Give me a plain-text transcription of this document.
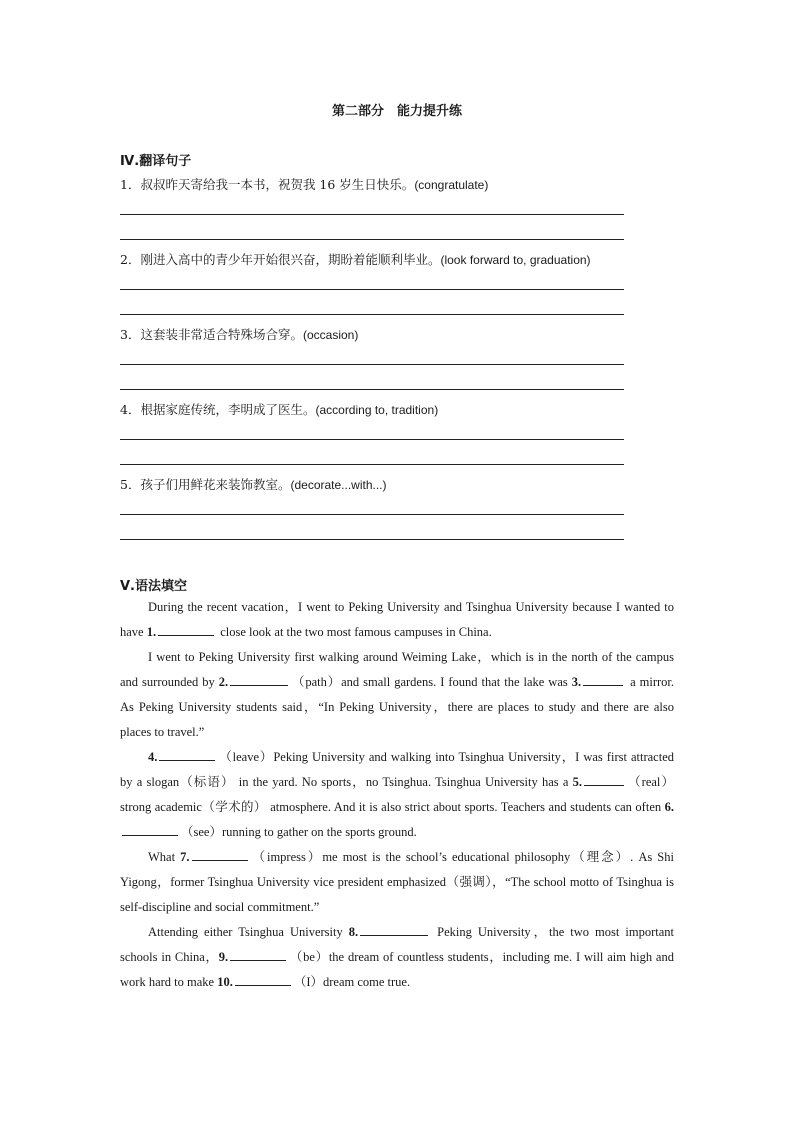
第二部分　能力提升练
Ⅳ.翻译句子
1．叔叔昨天寄给我一本书，祝贺我 16 岁生日快乐。(congratulate)
2．刚进入高中的青少年开始很兴奋，期盼着能顺利毕业。(look forward to, graduation)
3．这套装非常适合特殊场合穿。(occasion)
4．根据家庭传统，李明成了医生。(according to, tradition)
5．孩子们用鲜花来装饰教室。(decorate...with...)
Ⅴ.语法填空

During the recent vacation，I went to Peking University and Tsinghua University because I wanted to have 1.	close look at the two most famous campuses in China.

I went to Peking University first walking around Weiming Lake，which is in the north of the campus and surrounded by 2.	（path）and small gardens. I found that the lake was 3.	a mirror. As Peking University students said，“In Peking University，there are places to study and there are also places to travel.”

4.	（leave）Peking University and walking into Tsinghua University，I was first attracted by a slogan（标语） in the yard. No sports，no Tsinghua. Tsinghua University has a 5.	（real）strong academic（学术的） atmosphere. And it is also strict about sports. Teachers and students can often 6.（see）running to gather on the sports ground.

What 7.	（impress）me most is the school’s educational philosophy（理念）. As Shi Yigong，former Tsinghua University vice president emphasized（强调），“The school motto of Tsinghua is self-discipline and social commitment.”

Attending either Tsinghua University 8.	Peking University，the two most important schools in China，9.	（be）the dream of countless students，including me. I will aim high and work hard to make 10.	（I）dream come true.
